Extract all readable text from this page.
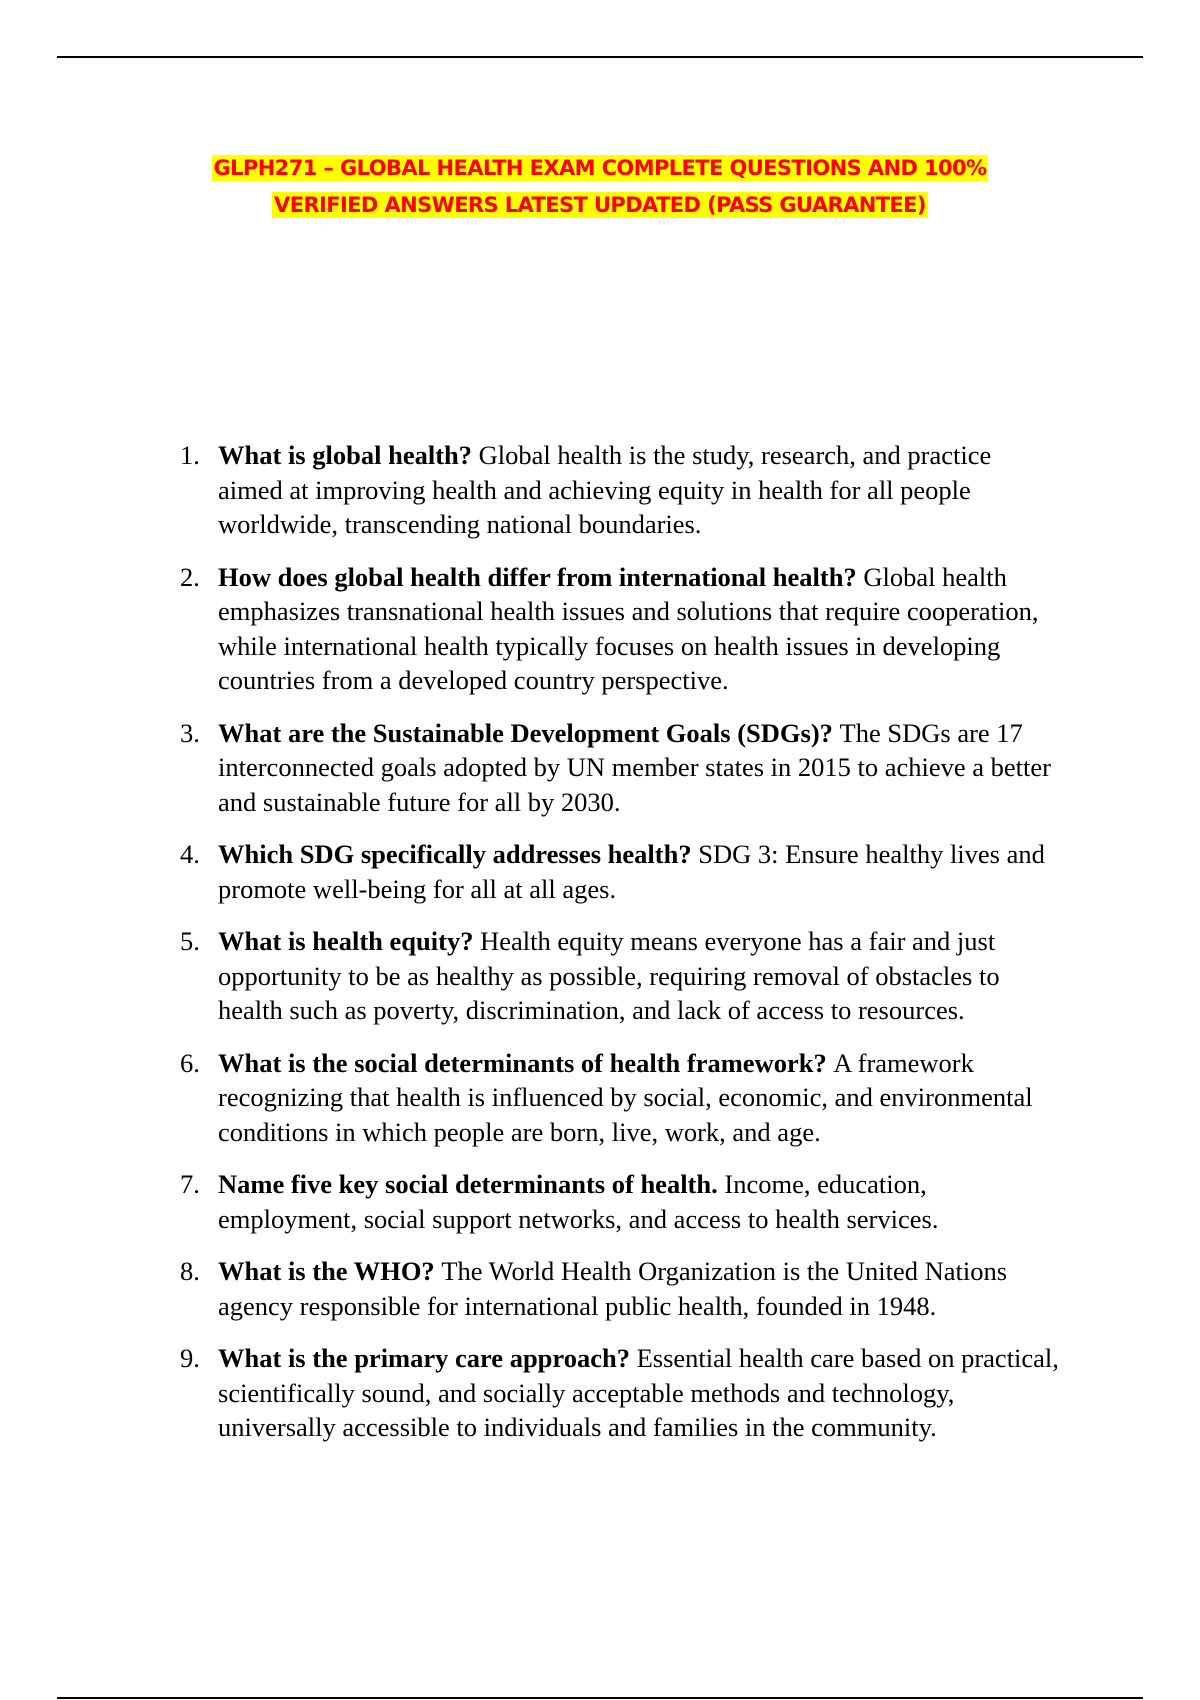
GLPH271 – GLOBAL HEALTH EXAM COMPLETE QUESTIONS AND 100%
VERIFIED ANSWERS LATEST UPDATED (PASS GUARANTEE)
1. What is global health? Global health is the study, research, and practice aimed at improving health and achieving equity in health for all people worldwide, transcending national boundaries.
2. How does global health differ from international health? Global health emphasizes transnational health issues and solutions that require cooperation, while international health typically focuses on health issues in developing countries from a developed country perspective.
3. What are the Sustainable Development Goals (SDGs)? The SDGs are 17 interconnected goals adopted by UN member states in 2015 to achieve a better and sustainable future for all by 2030.
4. Which SDG specifically addresses health? SDG 3: Ensure healthy lives and promote well-being for all at all ages.
5. What is health equity? Health equity means everyone has a fair and just opportunity to be as healthy as possible, requiring removal of obstacles to health such as poverty, discrimination, and lack of access to resources.
6. What is the social determinants of health framework? A framework recognizing that health is influenced by social, economic, and environmental conditions in which people are born, live, work, and age.
7. Name five key social determinants of health. Income, education, employment, social support networks, and access to health services.
8. What is the WHO? The World Health Organization is the United Nations agency responsible for international public health, founded in 1948.
9. What is the primary care approach? Essential health care based on practical, scientifically sound, and socially acceptable methods and technology, universally accessible to individuals and families in the community.
